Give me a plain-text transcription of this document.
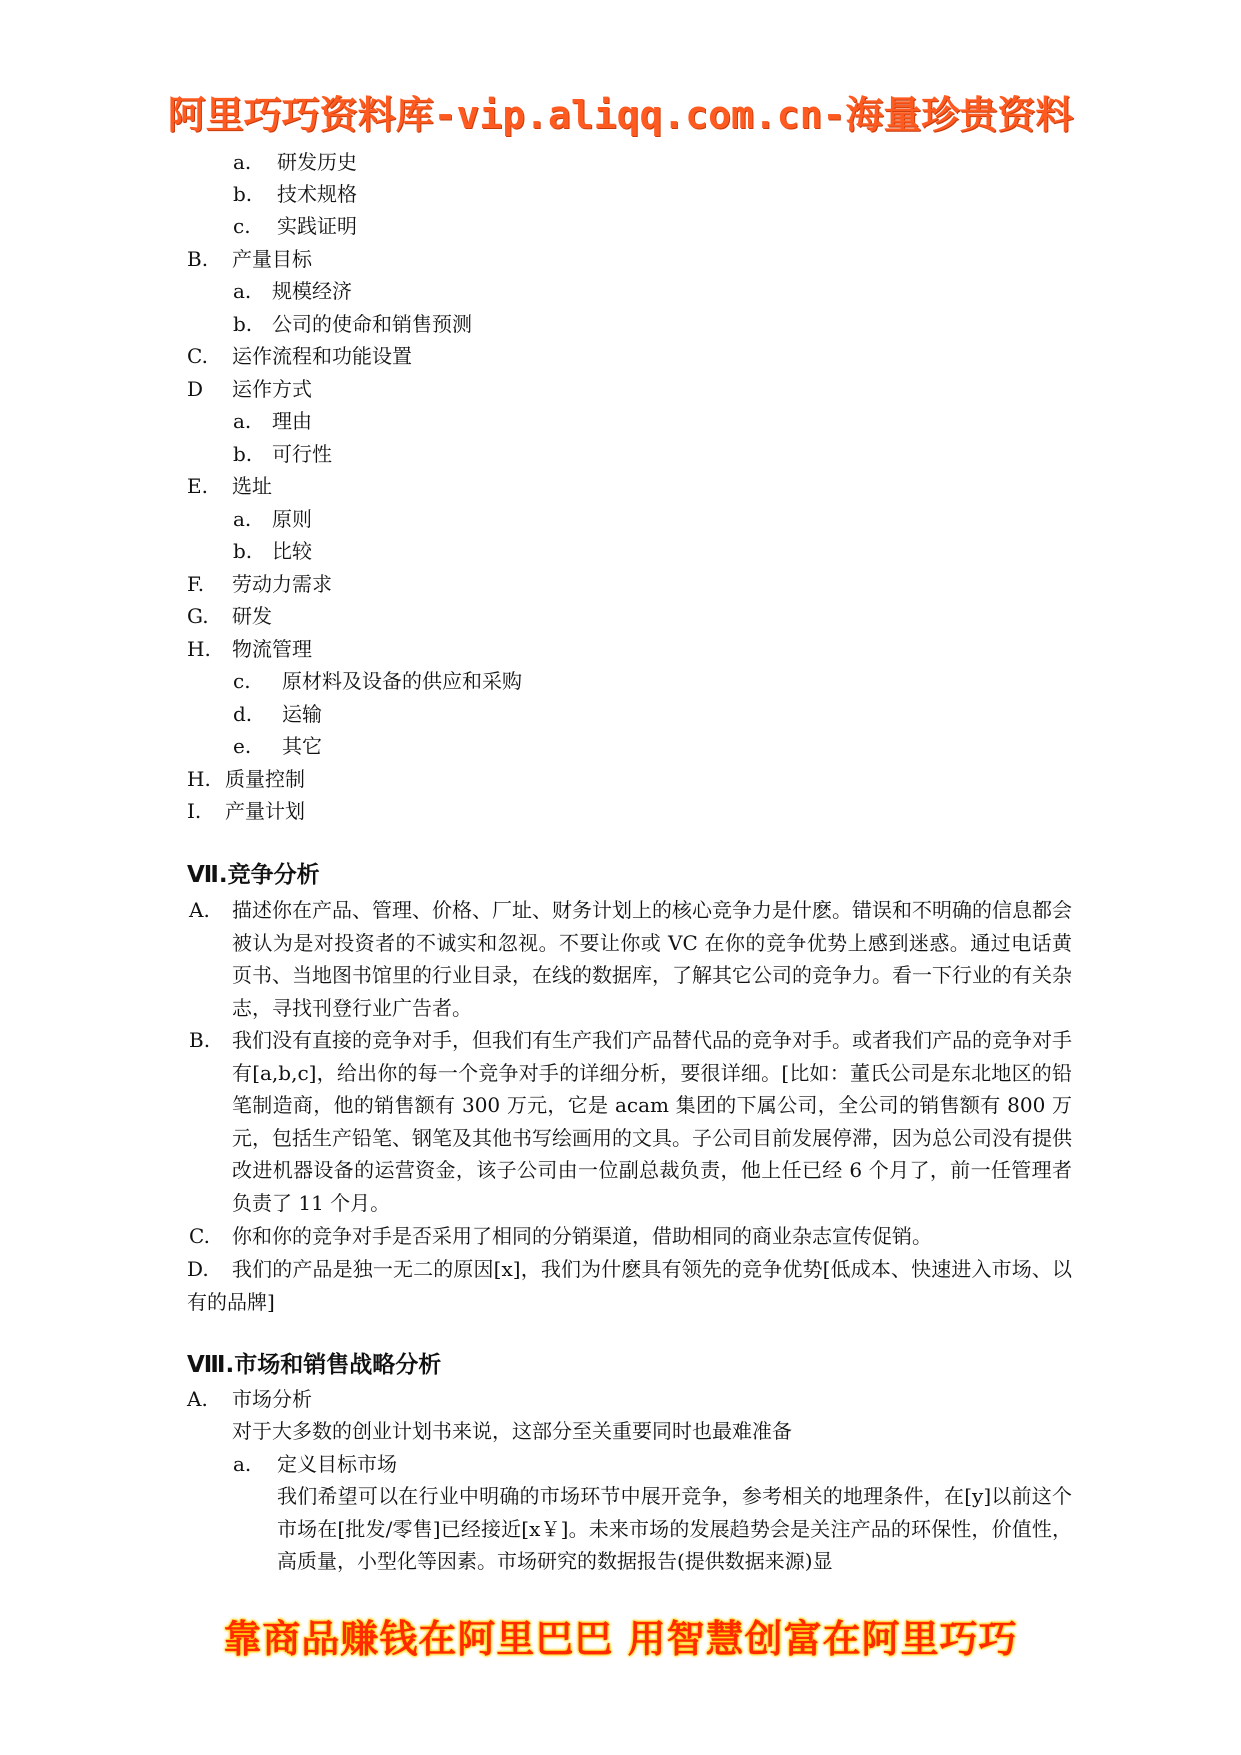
阿里巧巧资料库-vip.aliqq.com.cn-海量珍贵资料
a. 研发历史
b. 技术规格
c. 实践证明
B. 产量目标
a. 规模经济
b. 公司的使命和销售预测
C. 运作流程和功能设置
D 运作方式
a. 理由
b. 可行性
E. 选址
a. 原则
b. 比较
F. 劳动力需求
G. 研发
H. 物流管理
c. 原材料及设备的供应和采购
d. 运输
e. 其它
H. 质量控制
I. 产量计划
Ⅶ.竞争分析
A. 描述你在产品、管理、价格、厂址、财务计划上的核心竞争力是什麽。错误和不明确的信息都会被认为是对投资者的不诚实和忽视。不要让你或 VC 在你的竞争优势上感到迷惑。通过电话黄页书、当地图书馆里的行业目录，在线的数据库，了解其它公司的竞争力。看一下行业的有关杂志，寻找刊登行业广告者。
B. 我们没有直接的竞争对手，但我们有生产我们产品替代品的竞争对手。或者我们产品的竞争对手有[a,b,c]，给出你的每一个竞争对手的详细分析，要很详细。[比如：董氏公司是东北地区的铅笔制造商，他的销售额有 300 万元，它是 acam 集团的下属公司，全公司的销售额有 800 万元，包括生产铅笔、钢笔及其他书写绘画用的文具。子公司目前发展停滞，因为总公司没有提供改进机器设备的运营资金，该子公司由一位副总裁负责，他上任已经 6 个月了，前一任管理者负责了 11 个月。
C. 你和你的竞争对手是否采用了相同的分销渠道，借助相同的商业杂志宣传促销。
D. 我们的产品是独一无二的原因[x]，我们为什麽具有领先的竞争优势[低成本、快速进入市场、以有的品牌]
Ⅷ.市场和销售战略分析
A. 市场分析
对于大多数的创业计划书来说，这部分至关重要同时也最难准备
a. 定义目标市场
我们希望可以在行业中明确的市场环节中展开竞争，参考相关的地理条件，在[y]以前这个市场在[批发/零售]已经接近[x￥]。未来市场的发展趋势会是关注产品的环保性，价值性，高质量，小型化等因素。市场研究的数据报告(提供数据来源)显
靠商品赚钱在阿里巴巴 用智慧创富在阿里巧巧
